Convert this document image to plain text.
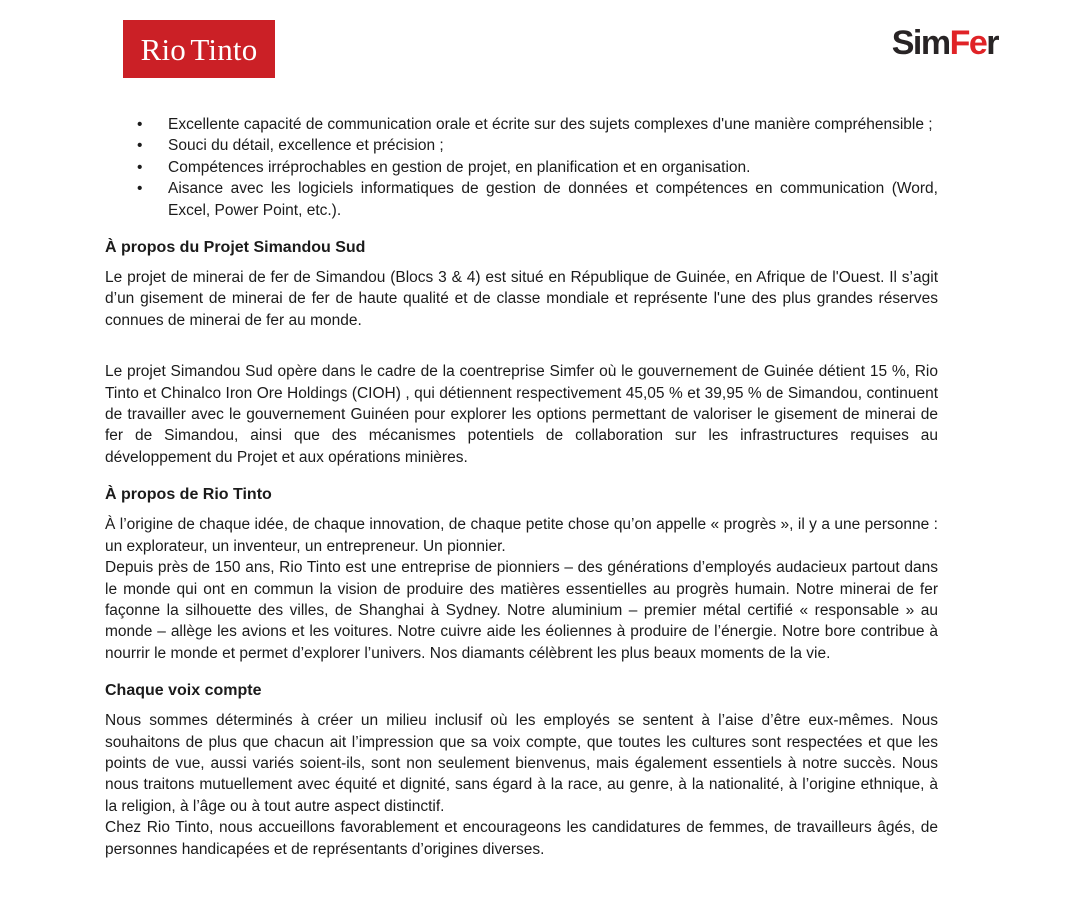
Rio Tinto	SimFer
• Excellente capacité de communication orale et écrite sur des sujets complexes d'une manière compréhensible ;
• Souci du détail, excellence et précision ;
• Compétences irréprochables en gestion de projet, en planification et en organisation.
• Aisance avec les logiciels informatiques de gestion de données et compétences en communication (Word, Excel, Power Point, etc.).
À propos du Projet Simandou Sud

Le projet de minerai de fer de Simandou (Blocs 3 & 4) est situé en République de Guinée, en Afrique de l'Ouest. Il s’agit d’un gisement de minerai de fer de haute qualité et de classe mondiale et représente l'une des plus grandes réserves connues de minerai de fer au monde.

Le projet Simandou Sud opère dans le cadre de la coentreprise Simfer où le gouvernement de Guinée détient 15 %, Rio Tinto et Chinalco Iron Ore Holdings (CIOH) , qui détiennent respectivement 45,05 % et 39,95 % de Simandou, continuent de travailler avec le gouvernement Guinéen pour explorer les options permettant de valoriser le gisement de minerai de fer de Simandou, ainsi que des mécanismes potentiels de collaboration sur les infrastructures requises au développement du Projet et aux opérations minières.

À propos de Rio Tinto

À l’origine de chaque idée, de chaque innovation, de chaque petite chose qu’on appelle « progrès », il y a une personne : un explorateur, un inventeur, un entrepreneur. Un pionnier.

Depuis près de 150 ans, Rio Tinto est une entreprise de pionniers – des générations d’employés audacieux partout dans le monde qui ont en commun la vision de produire des matières essentielles au progrès humain. Notre minerai de fer façonne la silhouette des villes, de Shanghai à Sydney. Notre aluminium – premier métal certifié « responsable » au monde – allège les avions et les voitures. Notre cuivre aide les éoliennes à produire de l’énergie. Notre bore contribue à nourrir le monde et permet d’explorer l’univers. Nos diamants célèbrent les plus beaux moments de la vie.

Chaque voix compte

Nous sommes déterminés à créer un milieu inclusif où les employés se sentent à l’aise d’être eux-mêmes. Nous souhaitons de plus que chacun ait l’impression que sa voix compte, que toutes les cultures sont respectées et que les points de vue, aussi variés soient-ils, sont non seulement bienvenus, mais également essentiels à notre succès. Nous nous traitons mutuellement avec équité et dignité, sans égard à la race, au genre, à la nationalité, à l’origine ethnique, à la religion, à l’âge ou à tout autre aspect distinctif.

Chez Rio Tinto, nous accueillons favorablement et encourageons les candidatures de femmes, de travailleurs âgés, de personnes handicapées et de représentants d’origines diverses.
